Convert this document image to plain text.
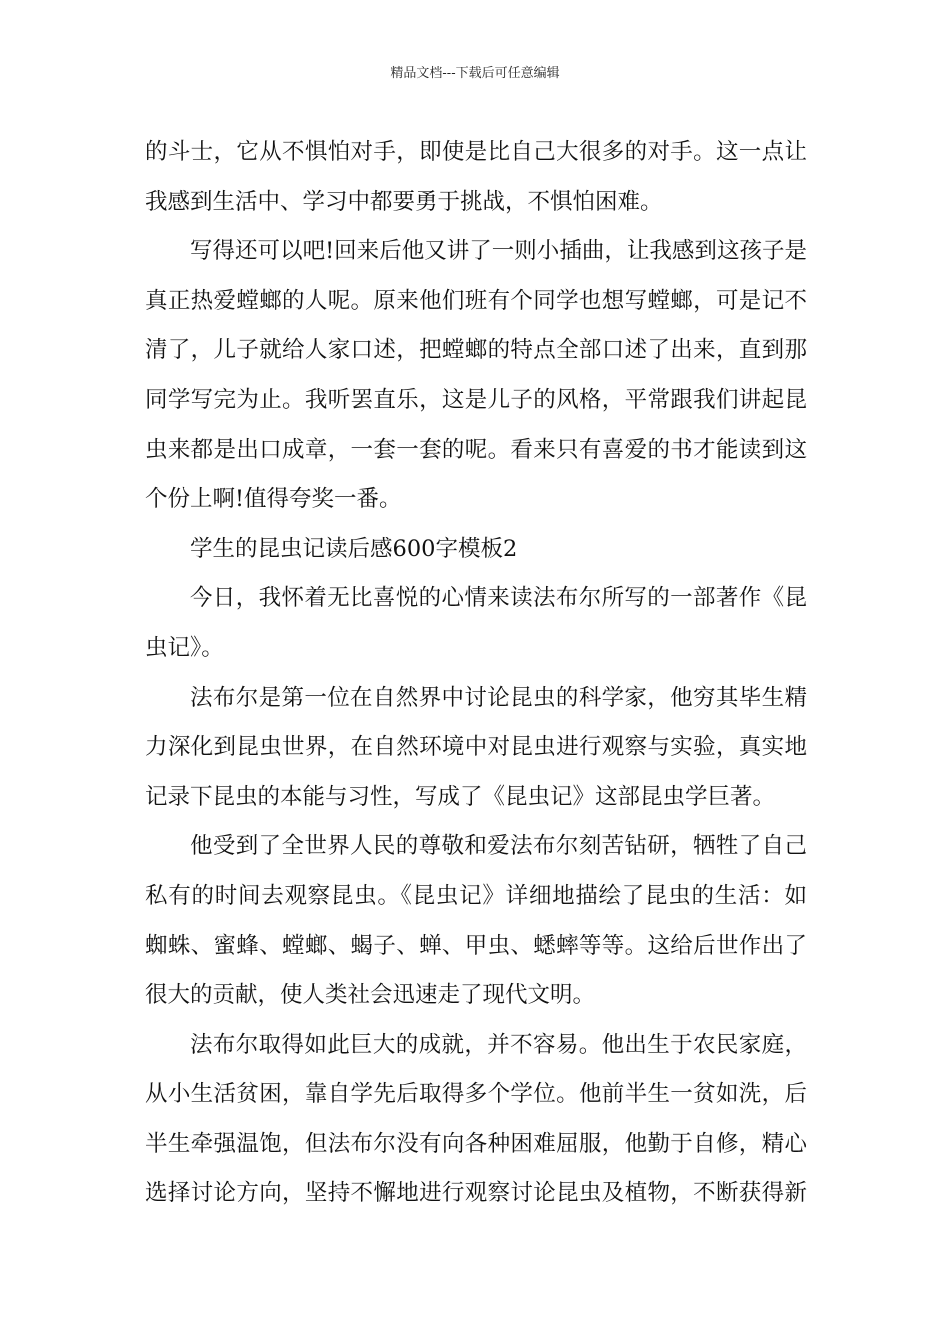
精品文档---下载后可任意编辑
的斗士，它从不惧怕对手，即使是比自己大很多的对手。这一点让
我感到生活中、学习中都要勇于挑战，不惧怕困难。
写得还可以吧!回来后他又讲了一则小插曲，让我感到这孩子是
真正热爱螳螂的人呢。原来他们班有个同学也想写螳螂，可是记不
清了，儿子就给人家口述，把螳螂的特点全部口述了出来，直到那
同学写完为止。我听罢直乐，这是儿子的风格，平常跟我们讲起昆
虫来都是出口成章，一套一套的呢。看来只有喜爱的书才能读到这
个份上啊!值得夸奖一番。
学生的昆虫记读后感600字模板2
今日，我怀着无比喜悦的心情来读法布尔所写的一部著作《昆
虫记》。
法布尔是第一位在自然界中讨论昆虫的科学家，他穷其毕生精
力深化到昆虫世界，在自然环境中对昆虫进行观察与实验，真实地
记录下昆虫的本能与习性，写成了《昆虫记》这部昆虫学巨著。
他受到了全世界人民的尊敬和爱法布尔刻苦钻研，牺牲了自己
私有的时间去观察昆虫。《昆虫记》详细地描绘了昆虫的生活：如
蜘蛛、蜜蜂、螳螂、蝎子、蝉、甲虫、蟋蟀等等。这给后世作出了
很大的贡献，使人类社会迅速走了现代文明。
法布尔取得如此巨大的成就，并不容易。他出生于农民家庭，
从小生活贫困，靠自学先后取得多个学位。他前半生一贫如洗，后
半生牵强温饱，但法布尔没有向各种困难屈服，他勤于自修，精心
选择讨论方向，坚持不懈地进行观察讨论昆虫及植物，不断获得新
